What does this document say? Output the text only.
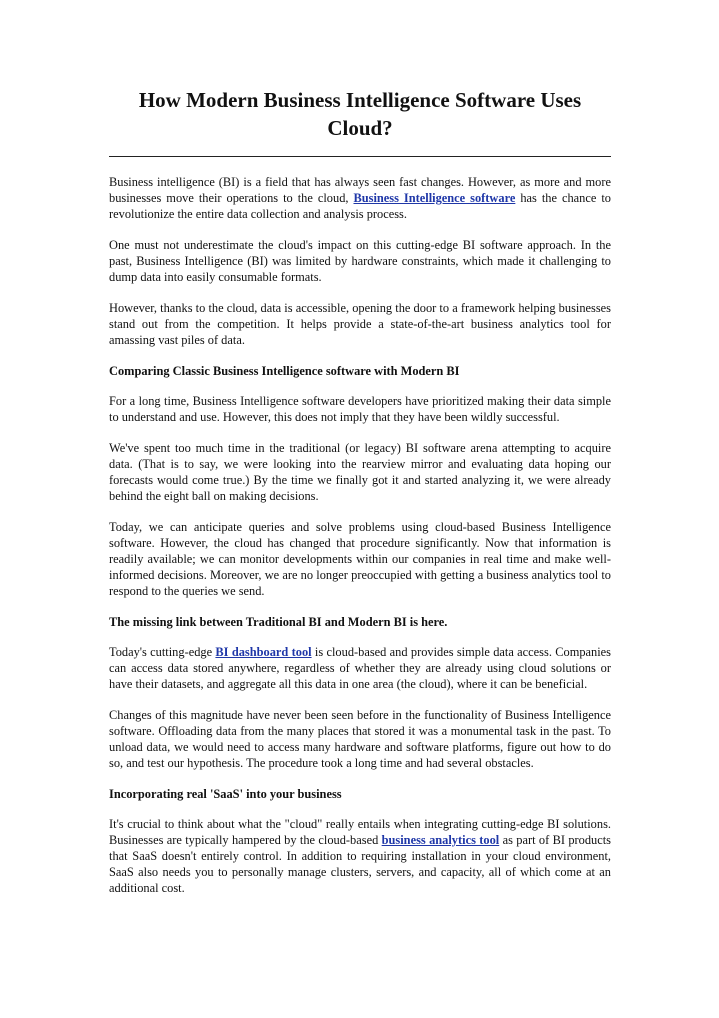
How Modern Business Intelligence Software Uses Cloud?

Business intelligence (BI) is a field that has always seen fast changes. However, as more and more businesses move their operations to the cloud, Business Intelligence software has the chance to revolutionize the entire data collection and analysis process.

One must not underestimate the cloud's impact on this cutting-edge BI software approach. In the past, Business Intelligence (BI) was limited by hardware constraints, which made it challenging to dump data into easily consumable formats.

However, thanks to the cloud, data is accessible, opening the door to a framework helping businesses stand out from the competition. It helps provide a state-of-the-art business analytics tool for amassing vast piles of data.

Comparing Classic Business Intelligence software with Modern BI

For a long time, Business Intelligence software developers have prioritized making their data simple to understand and use. However, this does not imply that they have been wildly successful.

We've spent too much time in the traditional (or legacy) BI software arena attempting to acquire data. (That is to say, we were looking into the rearview mirror and evaluating data hoping our forecasts would come true.) By the time we finally got it and started analyzing it, we were already behind the eight ball on making decisions.

Today, we can anticipate queries and solve problems using cloud-based Business Intelligence software. However, the cloud has changed that procedure significantly. Now that information is readily available; we can monitor developments within our companies in real time and make well-informed decisions. Moreover, we are no longer preoccupied with getting a business analytics tool to respond to the queries we send.

The missing link between Traditional BI and Modern BI is here.

Today's cutting-edge BI dashboard tool is cloud-based and provides simple data access. Companies can access data stored anywhere, regardless of whether they are already using cloud solutions or have their datasets, and aggregate all this data in one area (the cloud), where it can be beneficial.

Changes of this magnitude have never been seen before in the functionality of Business Intelligence software. Offloading data from the many places that stored it was a monumental task in the past. To unload data, we would need to access many hardware and software platforms, figure out how to do so, and test our hypothesis. The procedure took a long time and had several obstacles.

Incorporating real 'SaaS' into your business

It's crucial to think about what the "cloud" really entails when integrating cutting-edge BI solutions. Businesses are typically hampered by the cloud-based business analytics tool as part of BI products that SaaS doesn't entirely control. In addition to requiring installation in your cloud environment, SaaS also needs you to personally manage clusters, servers, and capacity, all of which come at an additional cost.
